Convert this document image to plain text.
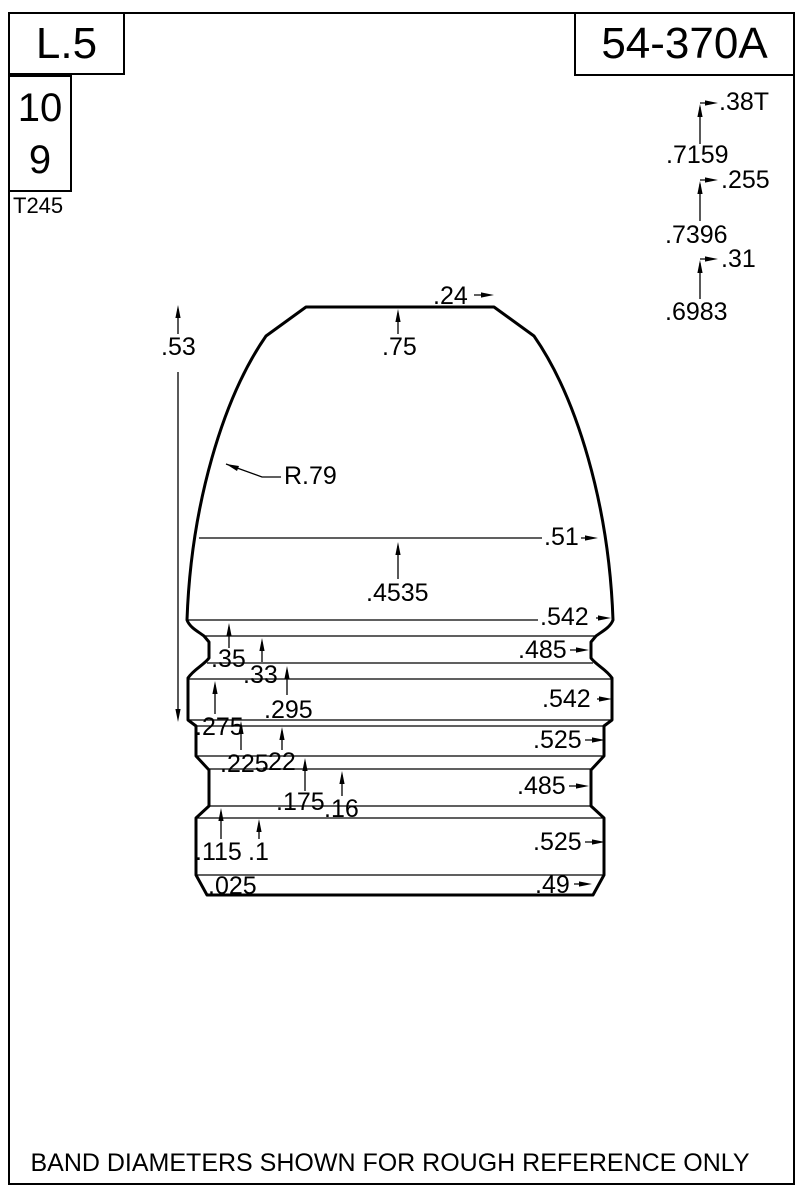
L.5	54-370A
10
9
T245
.38T
.7159
.255
.7396
.31
.6983
.24
.75
.53
R.79
.51
.4535
.35
.33
.295
.275
.225
.22
.175 .16
.115 .1
.025
.542
.485
.542
.525
.485
.525
.49
BAND DIAMETERS SHOWN FOR ROUGH REFERENCE ONLY
